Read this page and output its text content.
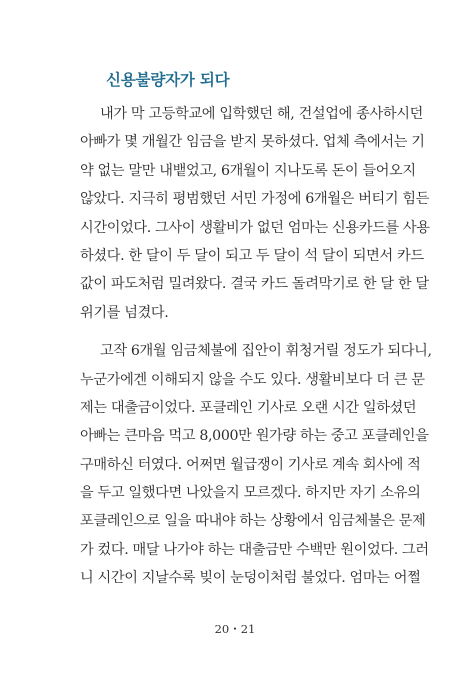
신용불량자가 되다

내가 막 고등학교에 입학했던 해, 건설업에 종사하시던
아빠가 몇 개월간 임금을 받지 못하셨다. 업체 측에서는 기
약 없는 말만 내뱉었고, 6개월이 지나도록 돈이 들어오지
않았다. 지극히 평범했던 서민 가정에 6개월은 버티기 힘든
시간이었다. 그사이 생활비가 없던 엄마는 신용카드를 사용
하셨다. 한 달이 두 달이 되고 두 달이 석 달이 되면서 카드
값이 파도처럼 밀려왔다. 결국 카드 돌려막기로 한 달 한 달
위기를 넘겼다.

고작 6개월 임금체불에 집안이 휘청거릴 정도가 되다니,
누군가에겐 이해되지 않을 수도 있다. 생활비보다 더 큰 문
제는 대출금이었다. 포클레인 기사로 오랜 시간 일하셨던
아빠는 큰마음 먹고 8,000만 원가량 하는 중고 포클레인을
구매하신 터였다. 어쩌면 월급쟁이 기사로 계속 회사에 적
을 두고 일했다면 나았을지 모르겠다. 하지만 자기 소유의
포클레인으로 일을 따내야 하는 상황에서 임금체불은 문제
가 컸다. 매달 나가야 하는 대출금만 수백만 원이었다. 그러
니 시간이 지날수록 빚이 눈덩이처럼 불었다. 엄마는 어쩔

20・21
